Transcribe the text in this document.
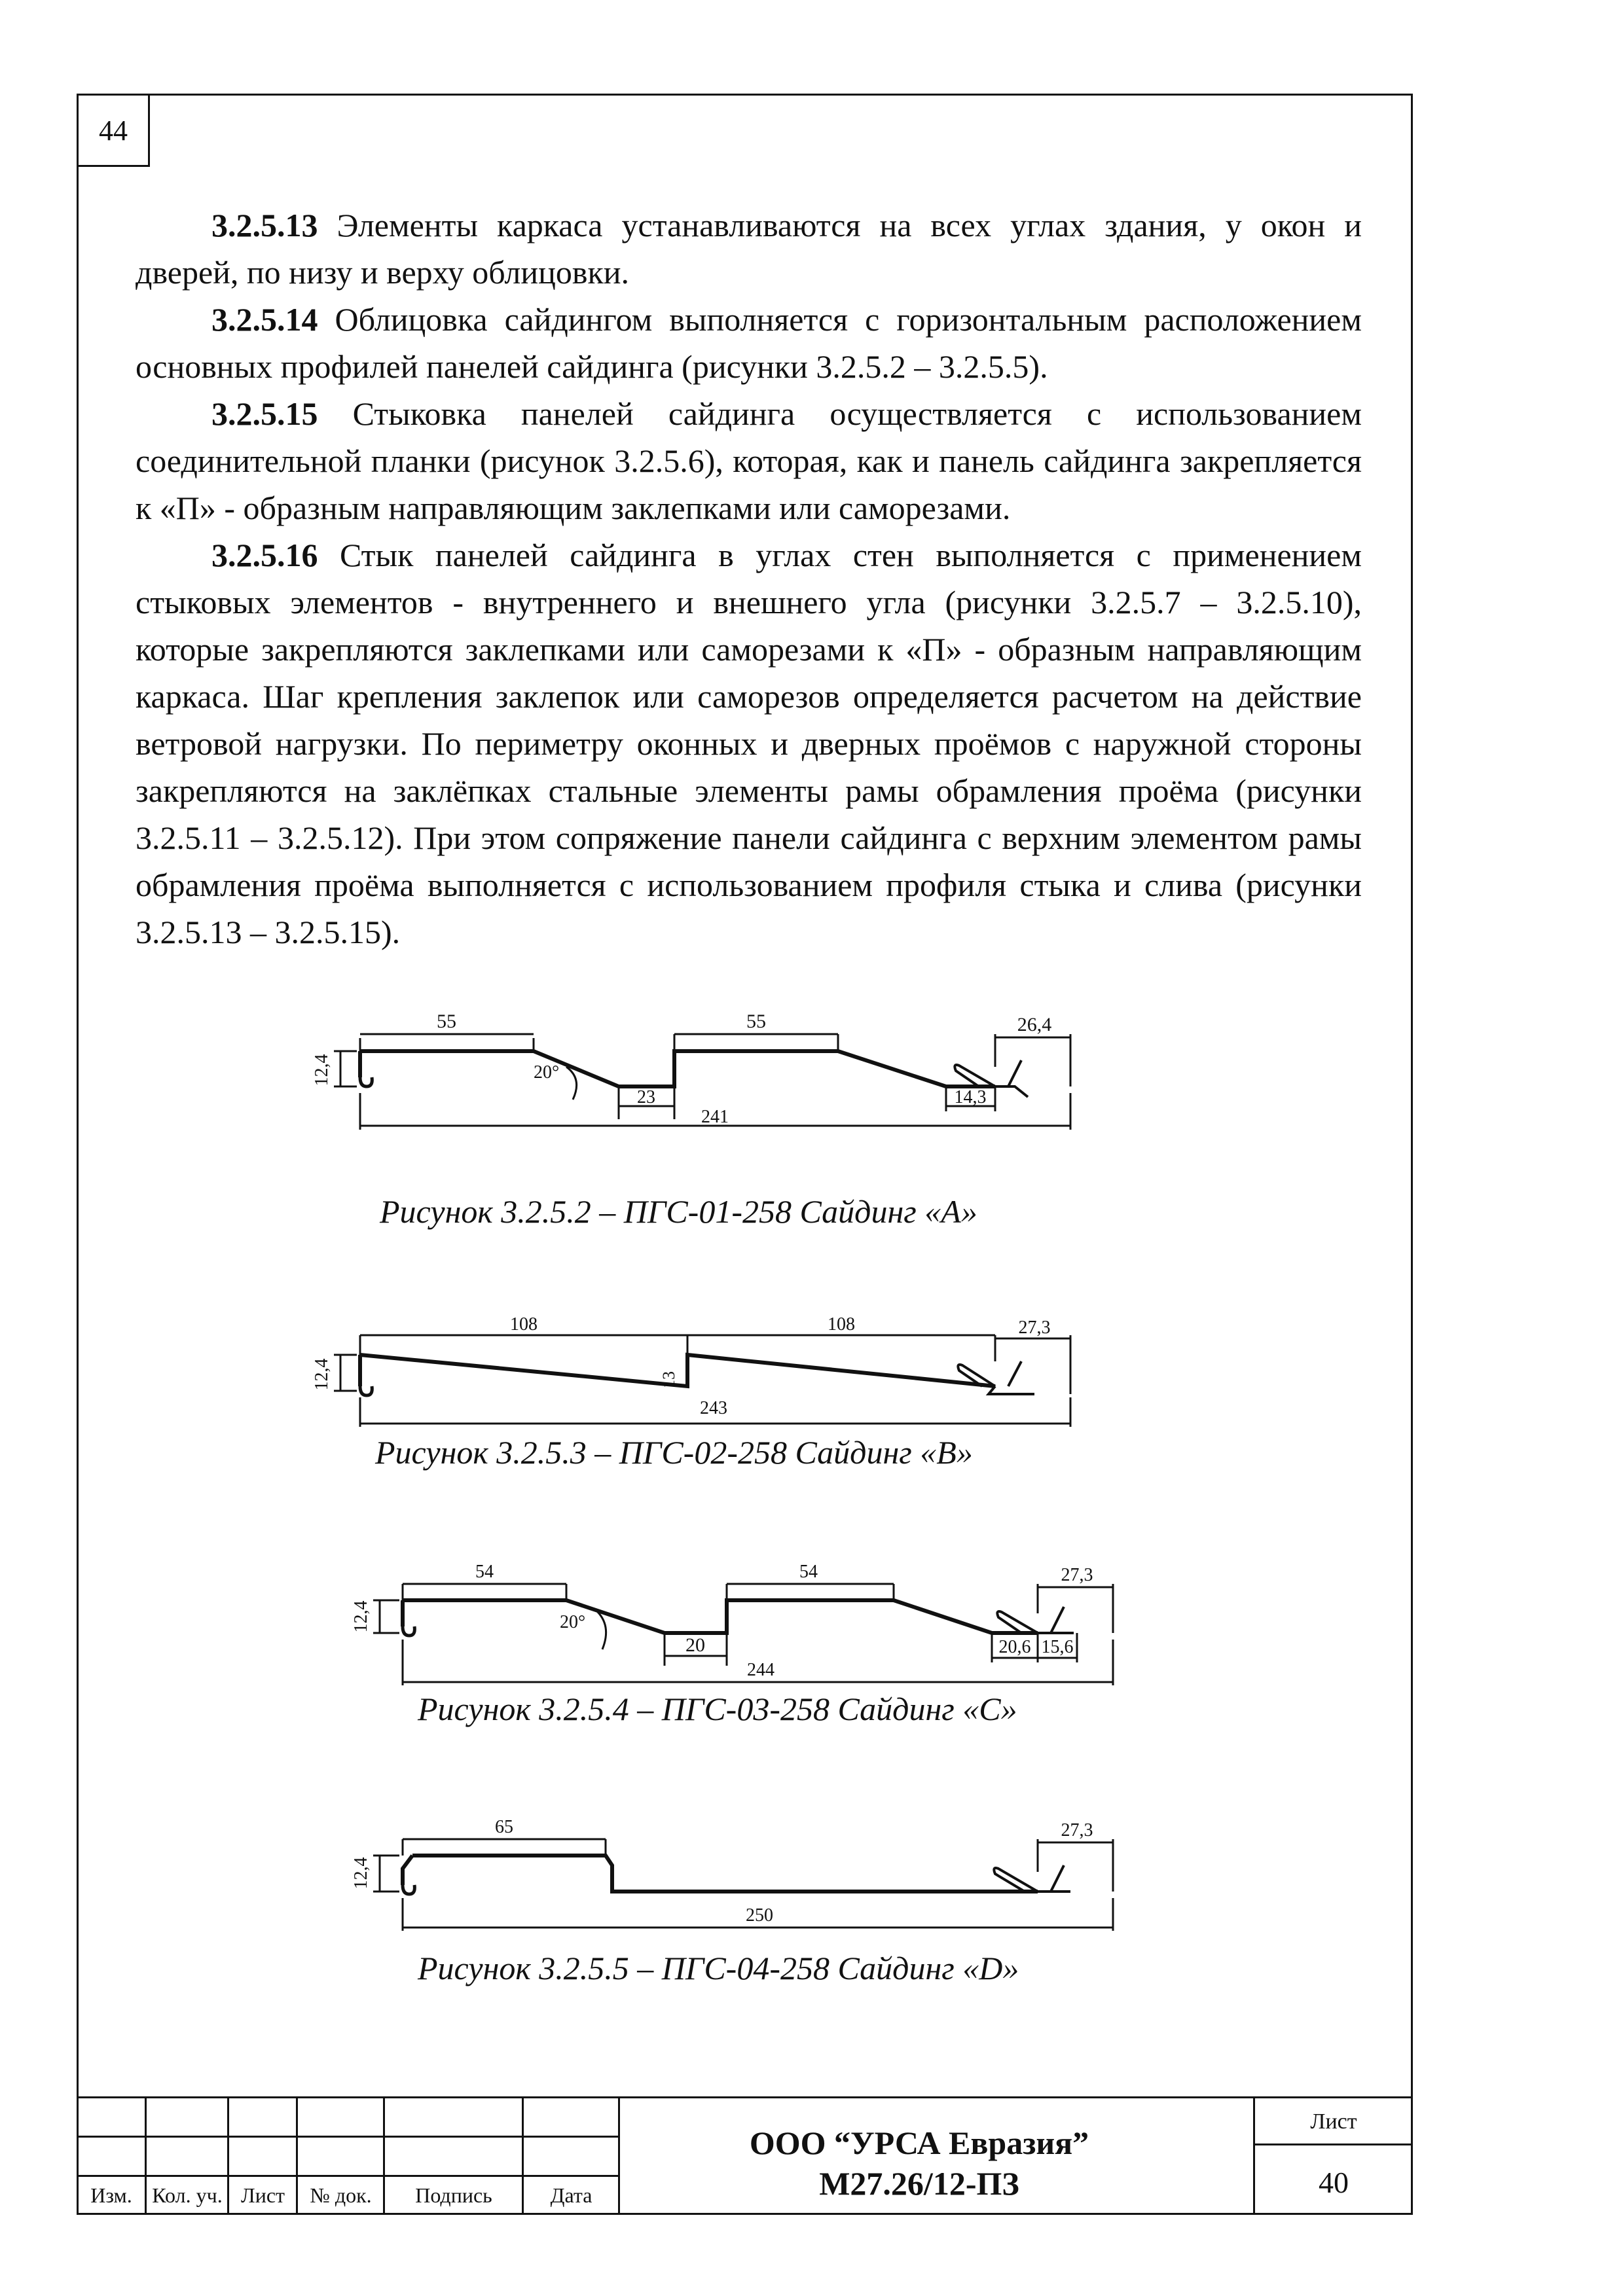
44

3.2.5.13 Элементы каркаса устанавливаются на всех углах здания, у окон и дверей, по низу и верху облицовки.

3.2.5.14 Облицовка сайдингом выполняется с горизонтальным расположением основных профилей панелей сайдинга (рисунки 3.2.5.2 – 3.2.5.5).

3.2.5.15 Стыковка панелей сайдинга осуществляется с использованием соединительной планки (рисунок 3.2.5.6), которая, как и панель сайдинга закрепляется к «П» - образным направляющим заклепками или саморезами.

3.2.5.16 Стык панелей сайдинга в углах стен выполняется с применением стыковых элементов - внутреннего и внешнего угла (рисунки 3.2.5.7 – 3.2.5.10), которые закрепляются заклепками или саморезами к «П» - образным направляющим каркаса. Шаг крепления заклепок или саморезов определяется расчетом на действие ветровой нагрузки. По периметру оконных и дверных проёмов с наружной стороны закрепляются на заклёпках стальные элементы рамы обрамления проёма (рисунки 3.2.5.11 – 3.2.5.12). При этом сопряжение панели сайдинга с верхним элементом рамы обрамления проёма выполняется с использованием профиля стыка и слива (рисунки 3.2.5.13 – 3.2.5.15).

55	55	26,4
12,4	20°
23
241
14,3
Рисунок 3.2.5.2 – ПГС-01-258 Сайдинг «А»
108	108	27,3
12,4	13
243
Рисунок 3.2.5.3 – ПГС-02-258 Сайдинг «В»
54	54	27,3
12,4	20°
20
244
20,6 15,6
Рисунок 3.2.5.4 – ПГС-03-258 Сайдинг «С»
65	27,3
12,4
250
Рисунок 3.2.5.5 – ПГС-04-258 Сайдинг «D»
Изм. Кол. уч. Лист	№ док.	Подпись	Дата
ООО “УРСА Евразия”
М27.26/12-ПЗ
Лист
40
